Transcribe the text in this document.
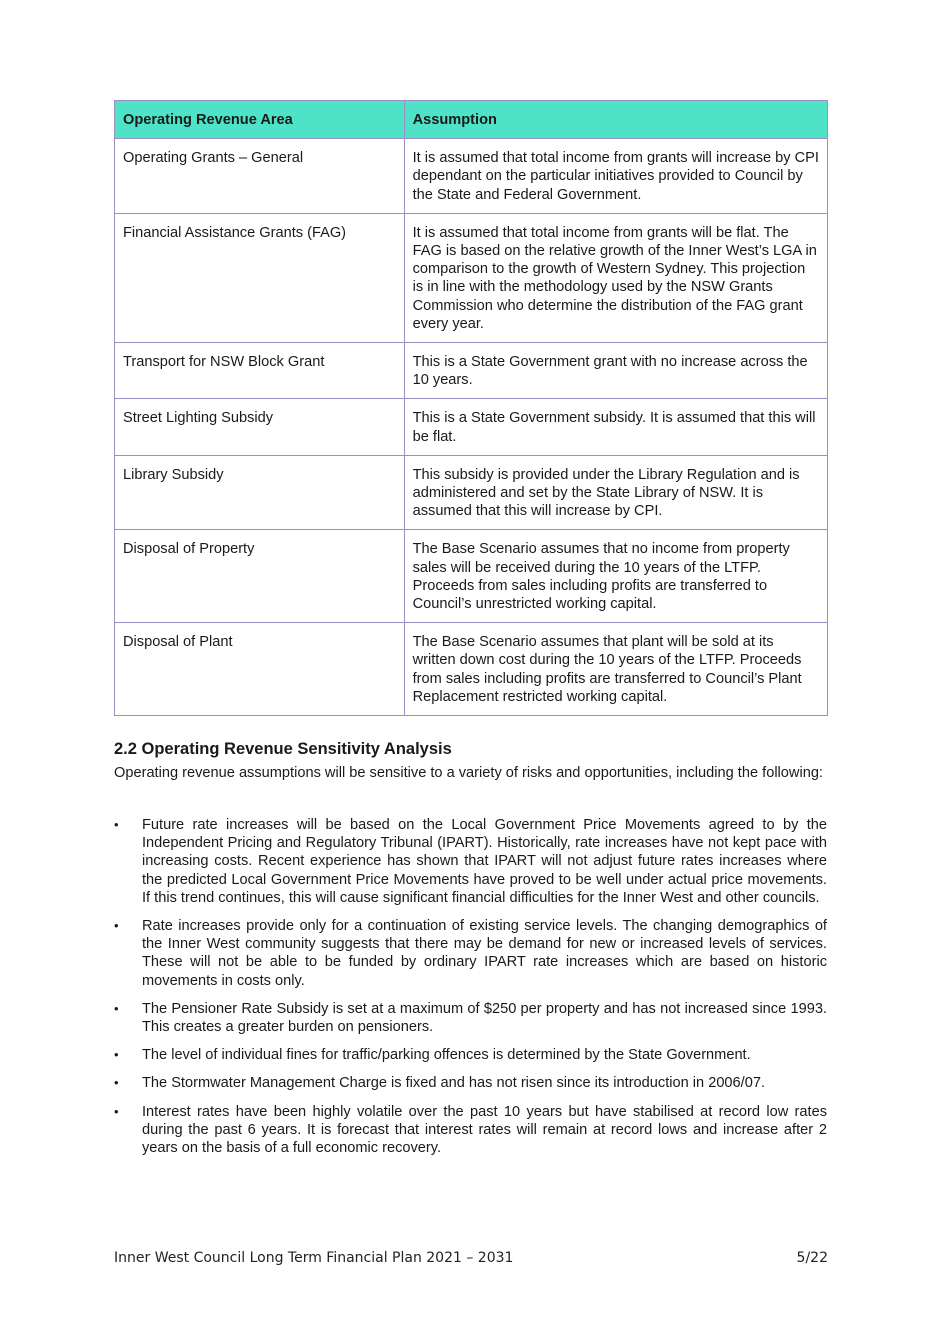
Operating Revenue Area	Assumption
Operating Grants – General	It is assumed that total income from grants will increase by CPI dependant on the particular initiatives provided to Council by the State and Federal Government.
Financial Assistance Grants (FAG)	It is assumed that total income from grants will be flat. The FAG is based on the relative growth of the Inner West’s LGA in comparison to the growth of Western Sydney. This projection is in line with the methodology used by the NSW Grants Commission who determine the distribution of the FAG grant every year.
Transport for NSW Block Grant	This is a State Government grant with no increase across the 10 years.
Street Lighting Subsidy	This is a State Government subsidy. It is assumed that this will be flat.
Library Subsidy	This subsidy is provided under the Library Regulation and is administered and set by the State Library of NSW. It is assumed that this will increase by CPI.
Disposal of Property	The Base Scenario assumes that no income from property sales will be received during the 10 years of the LTFP. Proceeds from sales including profits are transferred to Council’s unrestricted working capital.
Disposal of Plant	The Base Scenario assumes that plant will be sold at its written down cost during the 10 years of the LTFP. Proceeds from sales including profits are transferred to Council’s Plant Replacement restricted working capital.
2.2 Operating Revenue Sensitivity Analysis

Operating revenue assumptions will be sensitive to a variety of risks and opportunities, including the following:

• Future rate increases will be based on the Local Government Price Movements agreed to by the Independent Pricing and Regulatory Tribunal (IPART). Historically, rate increases have not kept pace with increasing costs. Recent experience has shown that IPART will not adjust future rates increases where the predicted Local Government Price Movements have proved to be well under actual price movements. If this trend continues, this will cause significant financial difficulties for the Inner West and other councils.
• Rate increases provide only for a continuation of existing service levels. The changing demographics of the Inner West community suggests that there may be demand for new or increased levels of services. These will not be able to be funded by ordinary IPART rate increases which are based on historic movements in costs only.
• The Pensioner Rate Subsidy is set at a maximum of $250 per property and has not increased since 1993. This creates a greater burden on pensioners.
• The level of individual fines for traffic/parking offences is determined by the State Government.
• The Stormwater Management Charge is fixed and has not risen since its introduction in 2006/07.
• Interest rates have been highly volatile over the past 10 years but have stabilised at record low rates during the past 6 years. It is forecast that interest rates will remain at record lows and increase after 2 years on the basis of a full economic recovery.
Inner West Council Long Term Financial Plan 2021 – 2031	5/22
